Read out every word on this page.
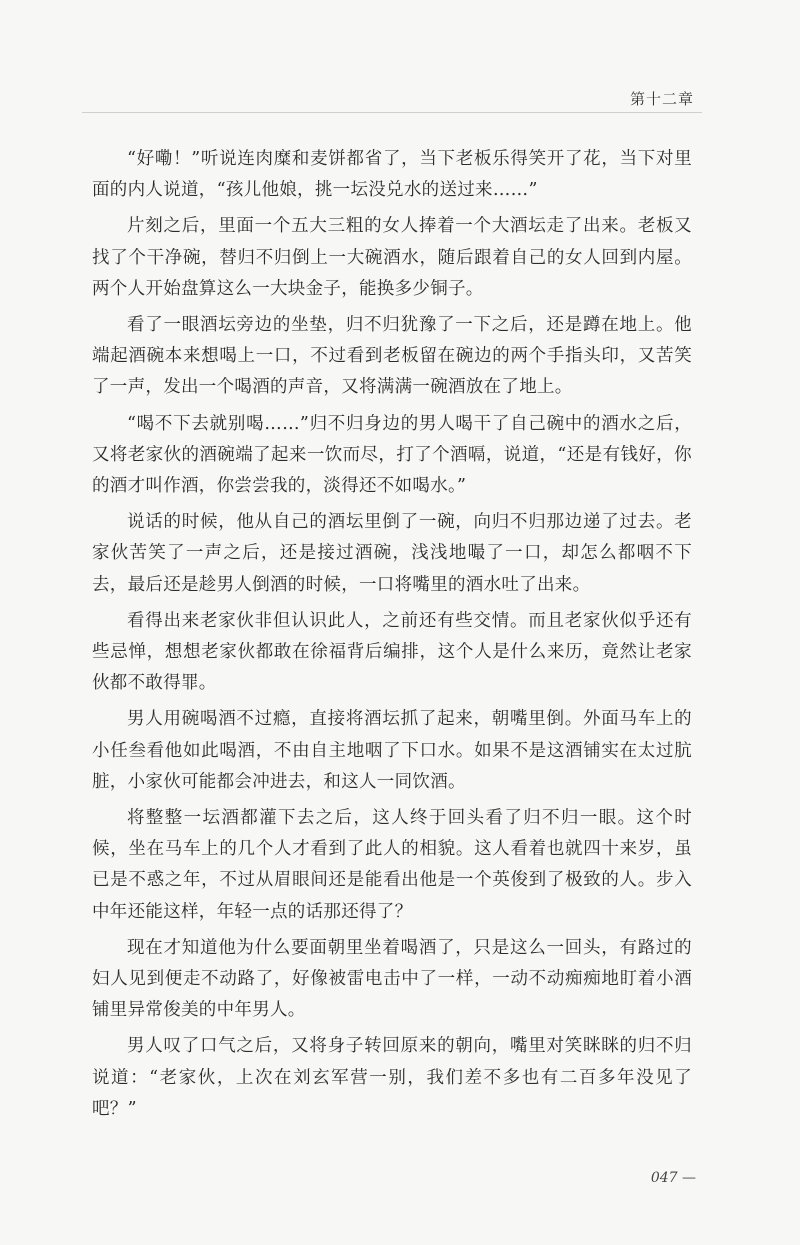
第十二章

“好嘞！”听说连肉糜和麦饼都省了，当下老板乐得笑开了花，当下对里面的内人说道，“孩儿他娘，挑一坛没兑水的送过来……”

片刻之后，里面一个五大三粗的女人捧着一个大酒坛走了出来。老板又找了个干净碗，替归不归倒上一大碗酒水，随后跟着自己的女人回到内屋。两个人开始盘算这么一大块金子，能换多少铜子。

看了一眼酒坛旁边的坐垫，归不归犹豫了一下之后，还是蹲在地上。他端起酒碗本来想喝上一口，不过看到老板留在碗边的两个手指头印，又苦笑了一声，发出一个喝酒的声音，又将满满一碗酒放在了地上。

“喝不下去就别喝……”归不归身边的男人喝干了自己碗中的酒水之后，又将老家伙的酒碗端了起来一饮而尽，打了个酒嗝，说道，“还是有钱好，你的酒才叫作酒，你尝尝我的，淡得还不如喝水。”

说话的时候，他从自己的酒坛里倒了一碗，向归不归那边递了过去。老家伙苦笑了一声之后，还是接过酒碗，浅浅地嘬了一口，却怎么都咽不下去，最后还是趁男人倒酒的时候，一口将嘴里的酒水吐了出来。

看得出来老家伙非但认识此人，之前还有些交情。而且老家伙似乎还有些忌惮，想想老家伙都敢在徐福背后编排，这个人是什么来历，竟然让老家伙都不敢得罪。

男人用碗喝酒不过瘾，直接将酒坛抓了起来，朝嘴里倒。外面马车上的小任叁看他如此喝酒，不由自主地咽了下口水。如果不是这酒铺实在太过肮脏，小家伙可能都会冲进去，和这人一同饮酒。

将整整一坛酒都灌下去之后，这人终于回头看了归不归一眼。这个时候，坐在马车上的几个人才看到了此人的相貌。这人看着也就四十来岁，虽已是不惑之年，不过从眉眼间还是能看出他是一个英俊到了极致的人。步入中年还能这样，年轻一点的话那还得了？

现在才知道他为什么要面朝里坐着喝酒了，只是这么一回头，有路过的妇人见到便走不动路了，好像被雷电击中了一样，一动不动痴痴地盯着小酒铺里异常俊美的中年男人。

男人叹了口气之后，又将身子转回原来的朝向，嘴里对笑眯眯的归不归说道：“老家伙，上次在刘玄军营一别，我们差不多也有二百多年没见了吧？”

047 —
